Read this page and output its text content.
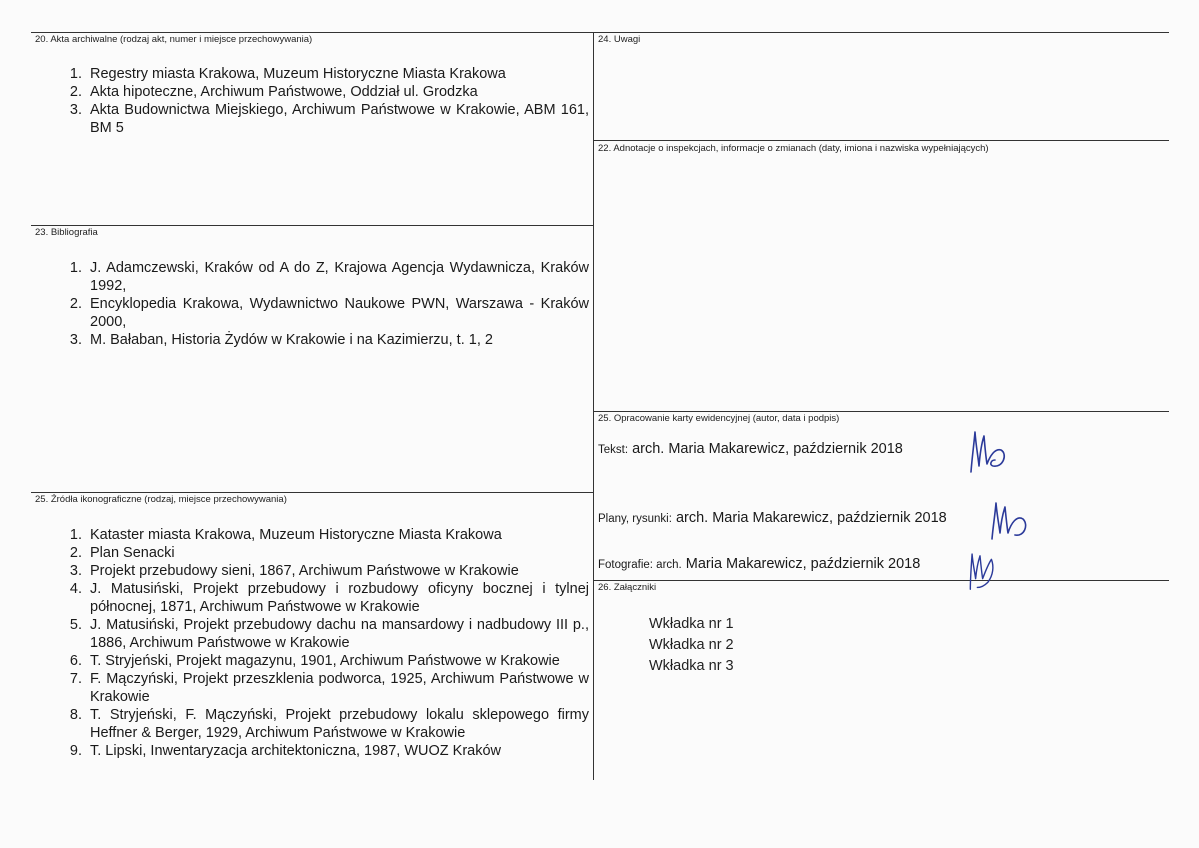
20. Akta archiwalne (rodzaj akt, numer i miejsce przechowywania)
1. Regestry miasta Krakowa, Muzeum Historyczne Miasta Krakowa
2. Akta hipoteczne, Archiwum Państwowe, Oddział ul. Grodzka
3. Akta Budownictwa Miejskiego, Archiwum Państwowe w Krakowie, ABM 161, BM 5
23. Bibliografia
1. J. Adamczewski, Kraków od A do Z, Krajowa Agencja Wydawnicza, Kraków 1992,
2. Encyklopedia Krakowa, Wydawnictwo Naukowe PWN, Warszawa - Kraków 2000,
3. M. Bałaban, Historia Żydów w Krakowie i na Kazimierzu, t. 1, 2
25. Źródła ikonograficzne (rodzaj, miejsce przechowywania)
1. Kataster miasta Krakowa, Muzeum Historyczne Miasta Krakowa
2. Plan Senacki
3. Projekt przebudowy sieni, 1867, Archiwum Państwowe w Krakowie
4. J. Matusiński, Projekt przebudowy i rozbudowy oficyny bocznej i tylnej północnej, 1871, Archiwum Państwowe w Krakowie
5. J. Matusiński, Projekt przebudowy dachu na mansardowy i nadbudowy III p., 1886, Archiwum Państwowe w Krakowie
6. T. Stryjeński, Projekt magazynu, 1901, Archiwum Państwowe w Krakowie
7. F. Mączyński, Projekt przeszklenia podworca, 1925, Archiwum Państwowe w Krakowie
8. T. Stryjeński, F. Mączyński, Projekt przebudowy lokalu sklepowego firmy Heffner & Berger, 1929, Archiwum Państwowe w Krakowie
9. T. Lipski, Inwentaryzacja architektoniczna, 1987, WUOZ Kraków
24. Uwagi
22. Adnotacje o inspekcjach, informacje o zmianach (daty, imiona i nazwiska wypełniających)
25. Opracowanie karty ewidencyjnej (autor, data i podpis)
Tekst: arch. Maria Makarewicz, październik 2018
Plany, rysunki: arch. Maria Makarewicz, październik 2018
Fotografie: arch. Maria Makarewicz, październik 2018
26. Załączniki
Wkładka nr 1
Wkładka nr 2
Wkładka nr 3
